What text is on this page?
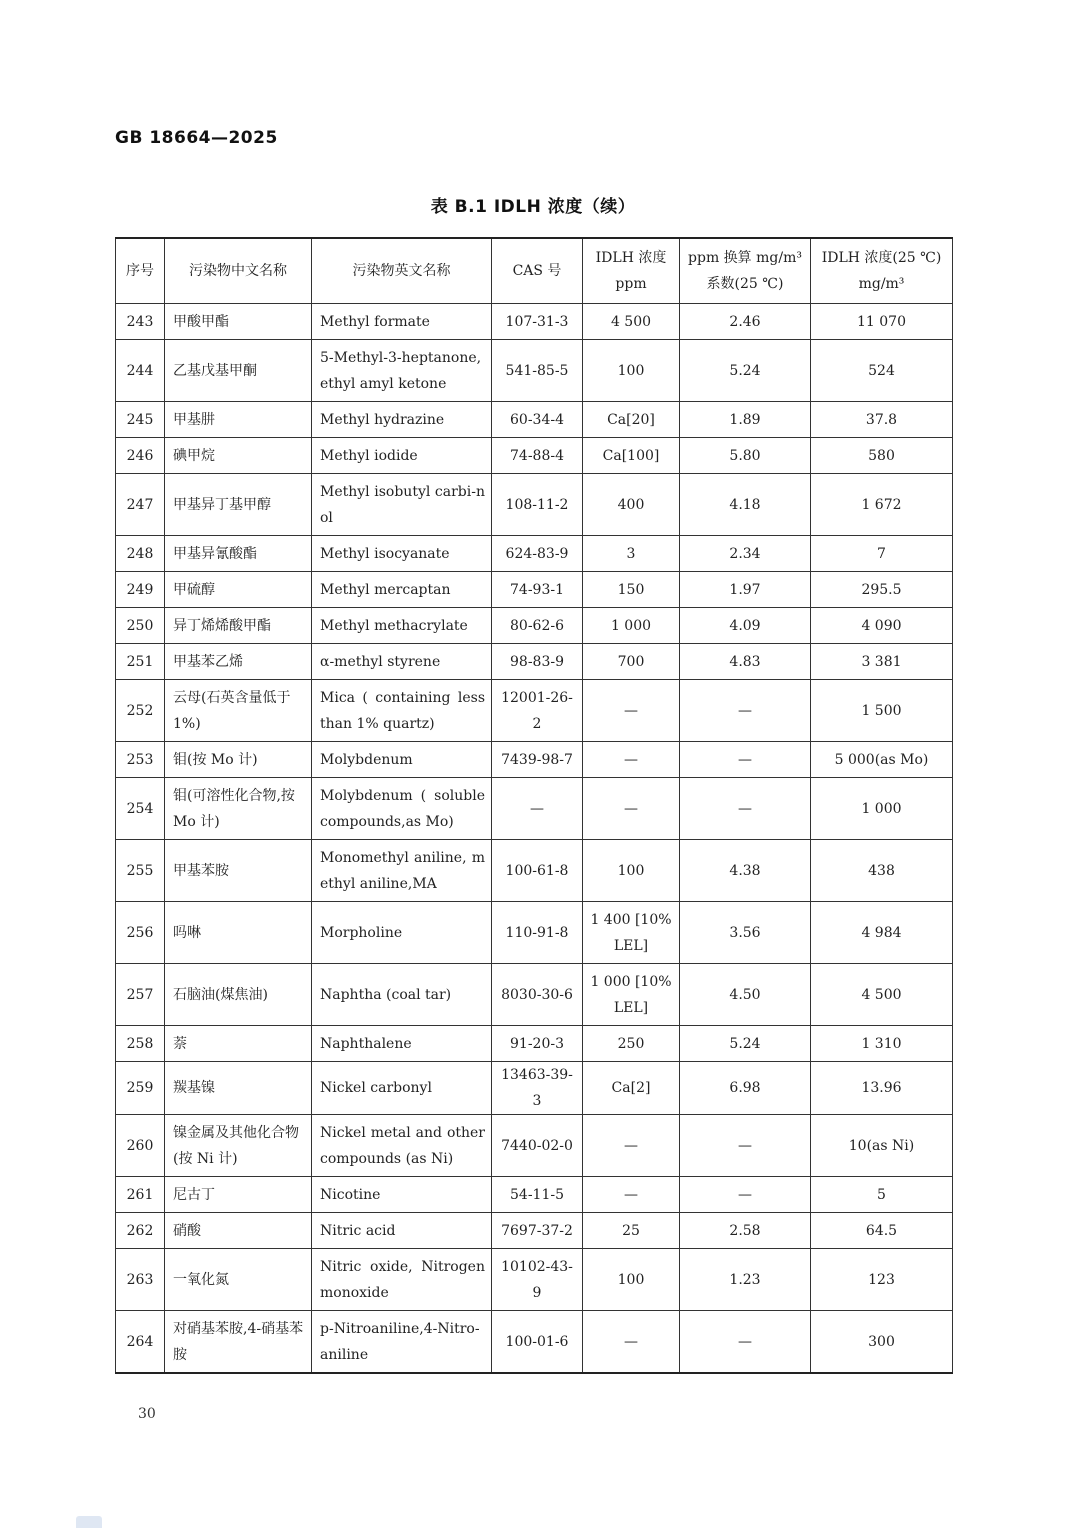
GB 18664—2025
表 B.1 IDLH 浓度（续）
序号	污染物中文名称	污染物英文名称	CAS 号	IDLH 浓度 ppm	ppm 换算 mg/m³ 系数(25 ℃)	IDLH 浓度(25 ℃) mg/m³
243	甲酸甲酯	Methyl formate	107-31-3	4 500	2.46	11 070
244	乙基戊基甲酮	5-Methyl-3-heptanone, ethyl amyl ketone	541-85-5	100	5.24	524
245	甲基肼	Methyl hydrazine	60-34-4	Ca[20]	1.89	37.8
246	碘甲烷	Methyl iodide	74-88-4	Ca[100]	5.80	580
247	甲基异丁基甲醇	Methyl isobutyl carbi-nol	108-11-2	400	4.18	1 672
248	甲基异氰酸酯	Methyl isocyanate	624-83-9	3	2.34	7
249	甲硫醇	Methyl mercaptan	74-93-1	150	1.97	295.5
250	异丁烯烯酸甲酯	Methyl methacrylate	80-62-6	1 000	4.09	4 090
251	甲基苯乙烯	α-methyl styrene	98-83-9	700	4.83	3 381
252	云母(石英含量低于 1%)	Mica ( containing less than 1% quartz)	12001-26-2	—	—	1 500
253	钼(按 Mo 计)	Molybdenum	7439-98-7	—	—	5 000(as Mo)
254	钼(可溶性化合物,按 Mo 计)	Molybdenum ( soluble compounds,as Mo)	—	—	—	1 000
255	甲基苯胺	Monomethyl aniline, methyl aniline,MA	100-61-8	100	4.38	438
256	吗啉	Morpholine	110-91-8	1 400 [10%LEL]	3.56	4 984
257	石脑油(煤焦油)	Naphtha (coal tar)	8030-30-6	1 000 [10%LEL]	4.50	4 500
258	萘	Naphthalene	91-20-3	250	5.24	1 310
259	羰基镍	Nickel carbonyl	13463-39-3	Ca[2]	6.98	13.96
260	镍金属及其他化合物(按 Ni 计)	Nickel metal and other compounds (as Ni)	7440-02-0	—	—	10(as Ni)
261	尼古丁	Nicotine	54-11-5	—	—	5
262	硝酸	Nitric acid	7697-37-2	25	2.58	64.5
263	一氧化氮	Nitric oxide, Nitrogen monoxide	10102-43-9	100	1.23	123
264	对硝基苯胺,4-硝基苯胺	p-Nitroaniline,4-Nitro-aniline	100-01-6	—	—	300
30
